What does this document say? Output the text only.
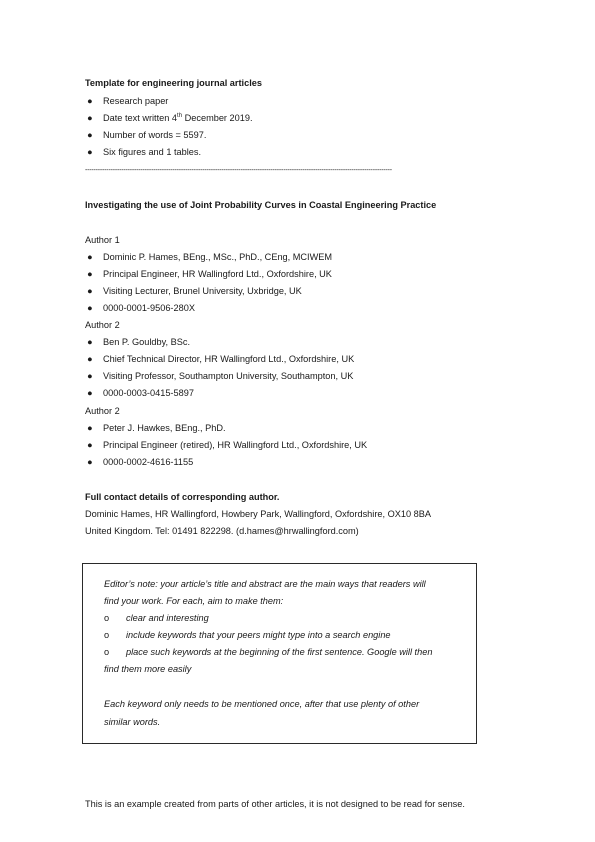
Template for engineering journal articles
● Research paper
● Date text written 4th December 2019.
● Number of words = 5597.
● Six figures and 1 tables.
------------------------------------------------------------------------------------------------------------------------------------------------
Investigating the use of Joint Probability Curves in Coastal Engineering Practice
Author 1
● Dominic P. Hames, BEng., MSc., PhD., CEng, MCIWEM
● Principal Engineer, HR Wallingford Ltd., Oxfordshire, UK
● Visiting Lecturer, Brunel University, Uxbridge, UK
● 0000-0001-9506-280X
Author 2
● Ben P. Gouldby, BSc.
● Chief Technical Director, HR Wallingford Ltd., Oxfordshire, UK
● Visiting Professor, Southampton University, Southampton, UK
● 0000-0003-0415-5897
Author 2
● Peter J. Hawkes, BEng., PhD.
● Principal Engineer (retired), HR Wallingford Ltd., Oxfordshire, UK
● 0000-0002-4616-1155
Full contact details of corresponding author.
Dominic Hames, HR Wallingford, Howbery Park, Wallingford, Oxfordshire, OX10 8BA
United Kingdom. Tel: 01491 822298. (d.hames@hrwallingford.com)
Editor’s note: your article’s title and abstract are the main ways that readers will
find your work. For each, aim to make them:
o clear and interesting
o include keywords that your peers might type into a search engine
o place such keywords at the beginning of the first sentence. Google will then
find them more easily
Each keyword only needs to be mentioned once, after that use plenty of other
similar words.
This is an example created from parts of other articles, it is not designed to be read for sense.
